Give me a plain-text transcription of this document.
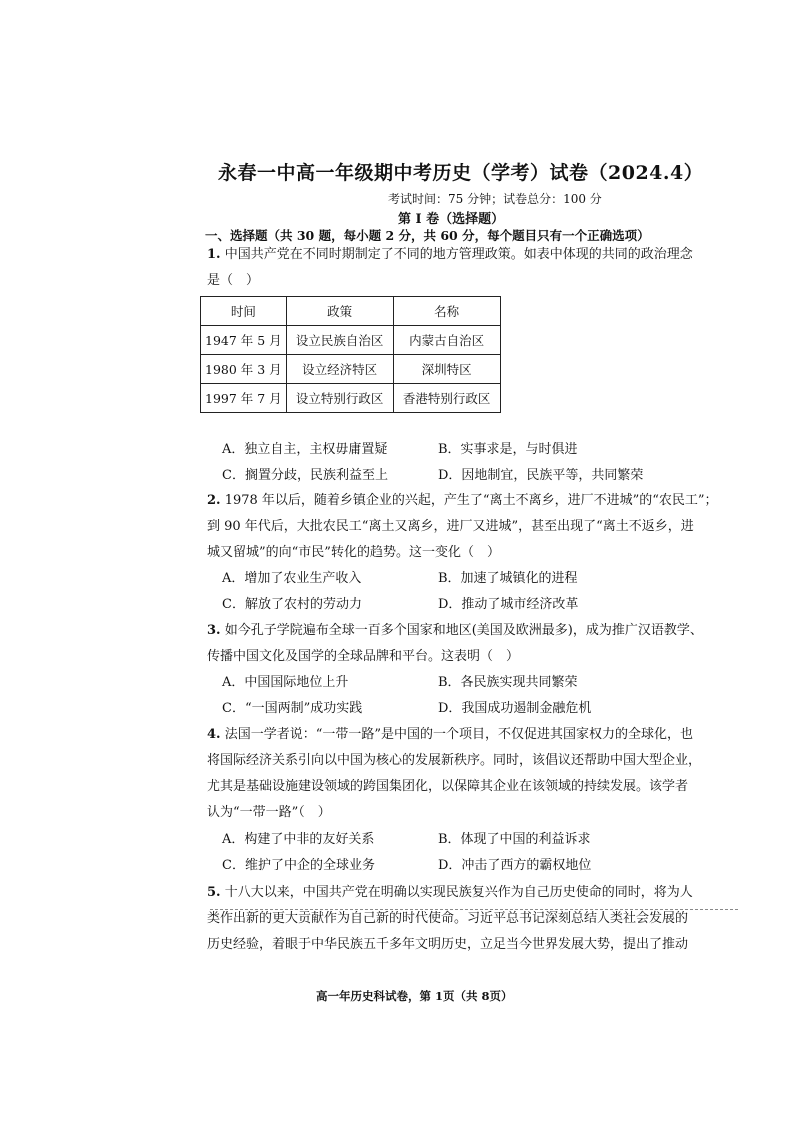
永春一中高一年级期中考历史（学考）试卷（2024.4）
考试时间：75 分钟；试卷总分：100 分
第 I 卷（选择题）
一、选择题（共 30 题，每小题 2 分，共 60 分，每个题目只有一个正确选项）
1. 中国共产党在不同时期制定了不同的地方管理政策。如表中体现的共同的政治理念
是（　）
时间	政策	名称
1947 年 5 月	设立民族自治区	内蒙古自治区
1980 年 3 月	设立经济特区	深圳特区
1997 年 7 月	设立特别行政区	香港特别行政区
A．独立自主，主权毋庸置疑	B．实事求是，与时俱进
C．搁置分歧，民族利益至上	D．因地制宜，民族平等，共同繁荣
2. 1978 年以后，随着乡镇企业的兴起，产生了“离土不离乡，进厂不进城”的“农民工”；
到 90 年代后，大批农民工“离土又离乡，进厂又进城”，甚至出现了“离土不返乡，进
城又留城”的向“市民”转化的趋势。这一变化（　）
A．增加了农业生产收入	B．加速了城镇化的进程
C．解放了农村的劳动力	D．推动了城市经济改革
3. 如今孔子学院遍布全球一百多个国家和地区(美国及欧洲最多)，成为推广汉语教学、
传播中国文化及国学的全球品牌和平台。这表明（　）
A．中国国际地位上升	B．各民族实现共同繁荣
C．“一国两制”成功实践	D．我国成功遏制金融危机
4. 法国一学者说：“一带一路”是中国的一个项目，不仅促进其国家权力的全球化，也
将国际经济关系引向以中国为核心的发展新秩序。同时，该倡议还帮助中国大型企业，
尤其是基础设施建设领域的跨国集团化，以保障其企业在该领域的持续发展。该学者
认为“一带一路”（　）
A．构建了中非的友好关系	B．体现了中国的利益诉求
C．维护了中企的全球业务	D．冲击了西方的霸权地位
5. 十八大以来，中国共产党在明确以实现民族复兴作为自己历史使命的同时，将为人
类作出新的更大贡献作为自己新的时代使命。习近平总书记深刻总结人类社会发展的
历史经验，着眼于中华民族五千多年文明历史，立足当今世界发展大势，提出了推动
高一年历史科试卷，第 1页（共 8页）
